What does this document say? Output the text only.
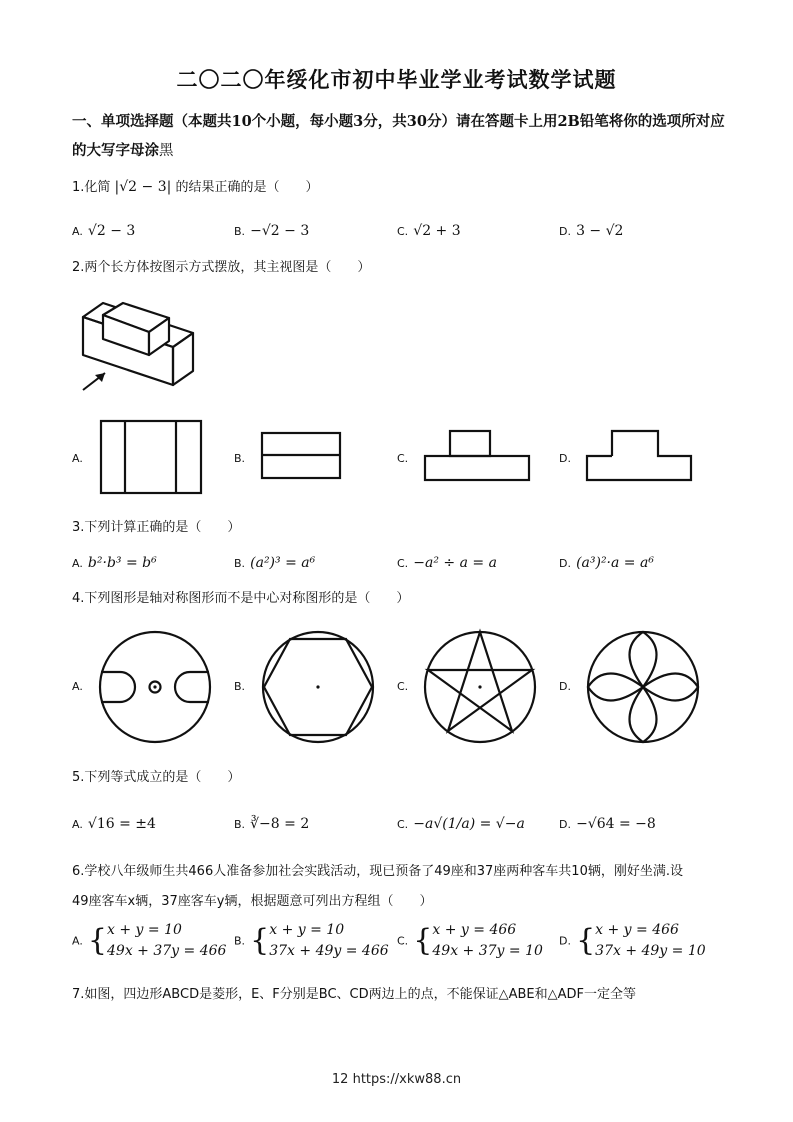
二〇二〇年绥化市初中毕业学业考试数学试题
一、单项选择题（本题共10个小题，每小题3分，共30分）请在答题卡上用2B铅笔将你的选项所对应的大写字母涂黑
1.化简 |√2 − 3| 的结果正确的是（　　）
A. √2 − 3	B. −√2 − 3	C. √2 + 3	D. 3 − √2
2.两个长方体按图示方式摆放，其主视图是（　　）
A.	B.	C.	D.
3.下列计算正确的是（　　）
A. b²·b³ = b⁶	B. (a²)³ = a⁶	C. −a² ÷ a = a	D. (a³)²·a = a⁶
4.下列图形是轴对称图形而不是中心对称图形的是（　　）
A.	B.	C.	D.
5.下列等式成立的是（　　）
A. √16 = ±4	B. ∛−8 = 2	C. −a√(1/a) = √−a	D. −√64 = −8
6.学校八年级师生共466人准备参加社会实践活动，现已预备了49座和37座两种客车共10辆，刚好坐满.设
49座客车x辆，37座客车y辆，根据题意可列出方程组（　　）
A. {x + y = 10
49x + 37y = 466
B. {x + y = 10
37x + 49y = 466
C. {x + y = 466
49x + 37y = 10
D. {x + y = 466
37x + 49y = 10
7.如图，四边形ABCD是菱形，E、F分别是BC、CD两边上的点，不能保证△ABE和△ADF一定全等
12 https://xkw88.cn
